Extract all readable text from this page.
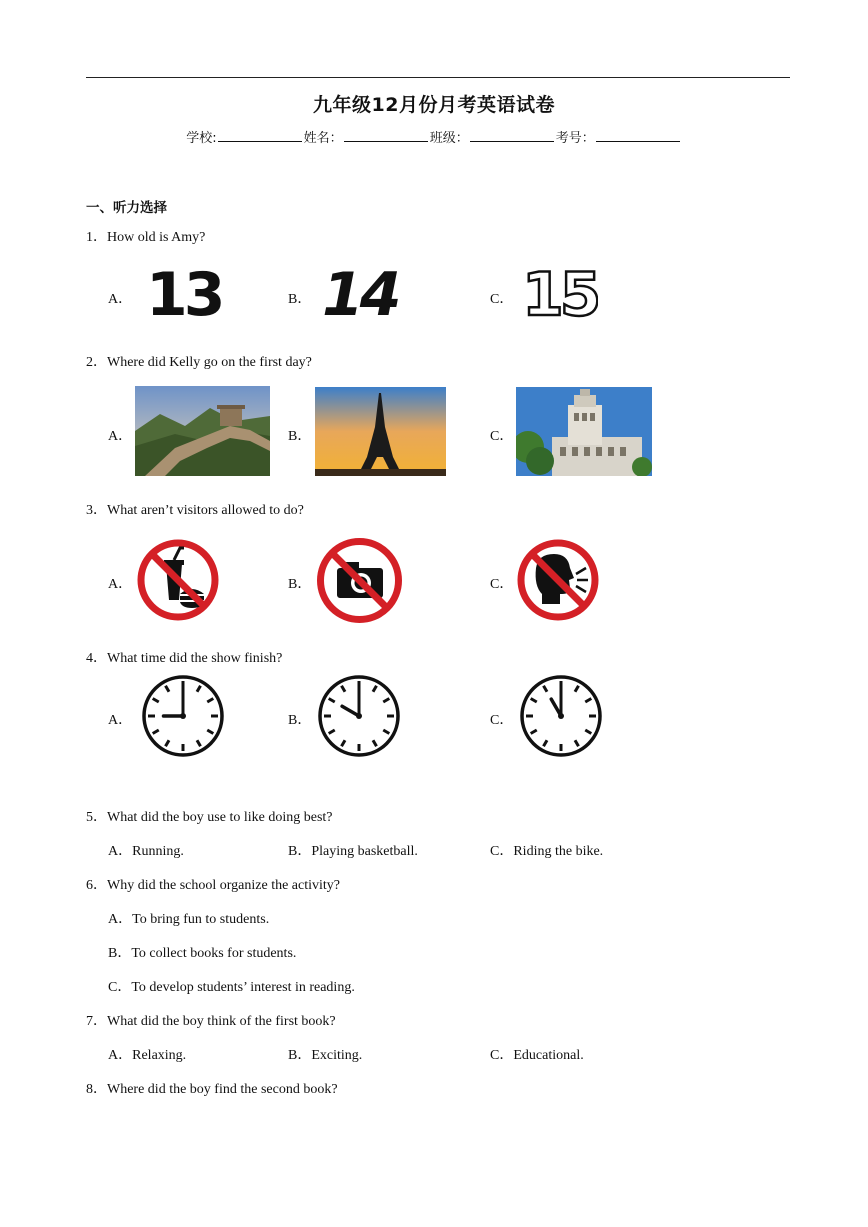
九年级12月份月考英语试卷
学校:	姓名：	班级：	考号：
一、听力选择
1．How old is Amy?
A． 13	B． 14	C． 15
2．Where did Kelly go on the first day?
A．	B．	C．
3．What aren’t visitors allowed to do?
A．	B．	C．
4．What time did the show finish?
A．	B．	C．
5．What did the boy use to like doing best?
A．Running.	B．Playing basketball.	C．Riding the bike.
6．Why did the school organize the activity?
A．To bring fun to students.
B．To collect books for students.
C．To develop students’ interest in reading.
7．What did the boy think of the first book?
A．Relaxing.	B．Exciting.	C．Educational.
8．Where did the boy find the second book?
